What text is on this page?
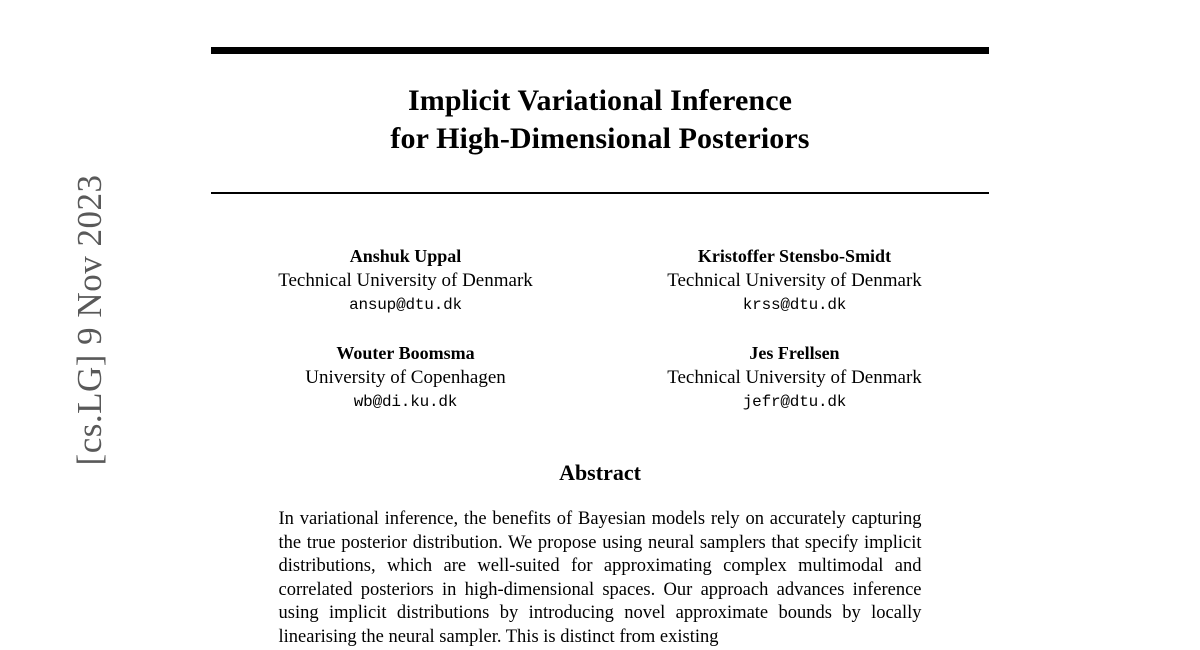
[cs.LG] 9 Nov 2023
Implicit Variational Inference
for High-Dimensional Posteriors
Anshuk Uppal
Technical University of Denmark
ansup@dtu.dk
Kristoffer Stensbo-Smidt
Technical University of Denmark
krss@dtu.dk
Wouter Boomsma
University of Copenhagen
wb@di.ku.dk
Jes Frellsen
Technical University of Denmark
jefr@dtu.dk
Abstract
In variational inference, the benefits of Bayesian models rely on accurately capturing the true posterior distribution. We propose using neural samplers that specify implicit distributions, which are well-suited for approximating complex multimodal and correlated posteriors in high-dimensional spaces. Our approach advances inference using implicit distributions by introducing novel approximate bounds by locally linearising the neural sampler. This is distinct from existing
